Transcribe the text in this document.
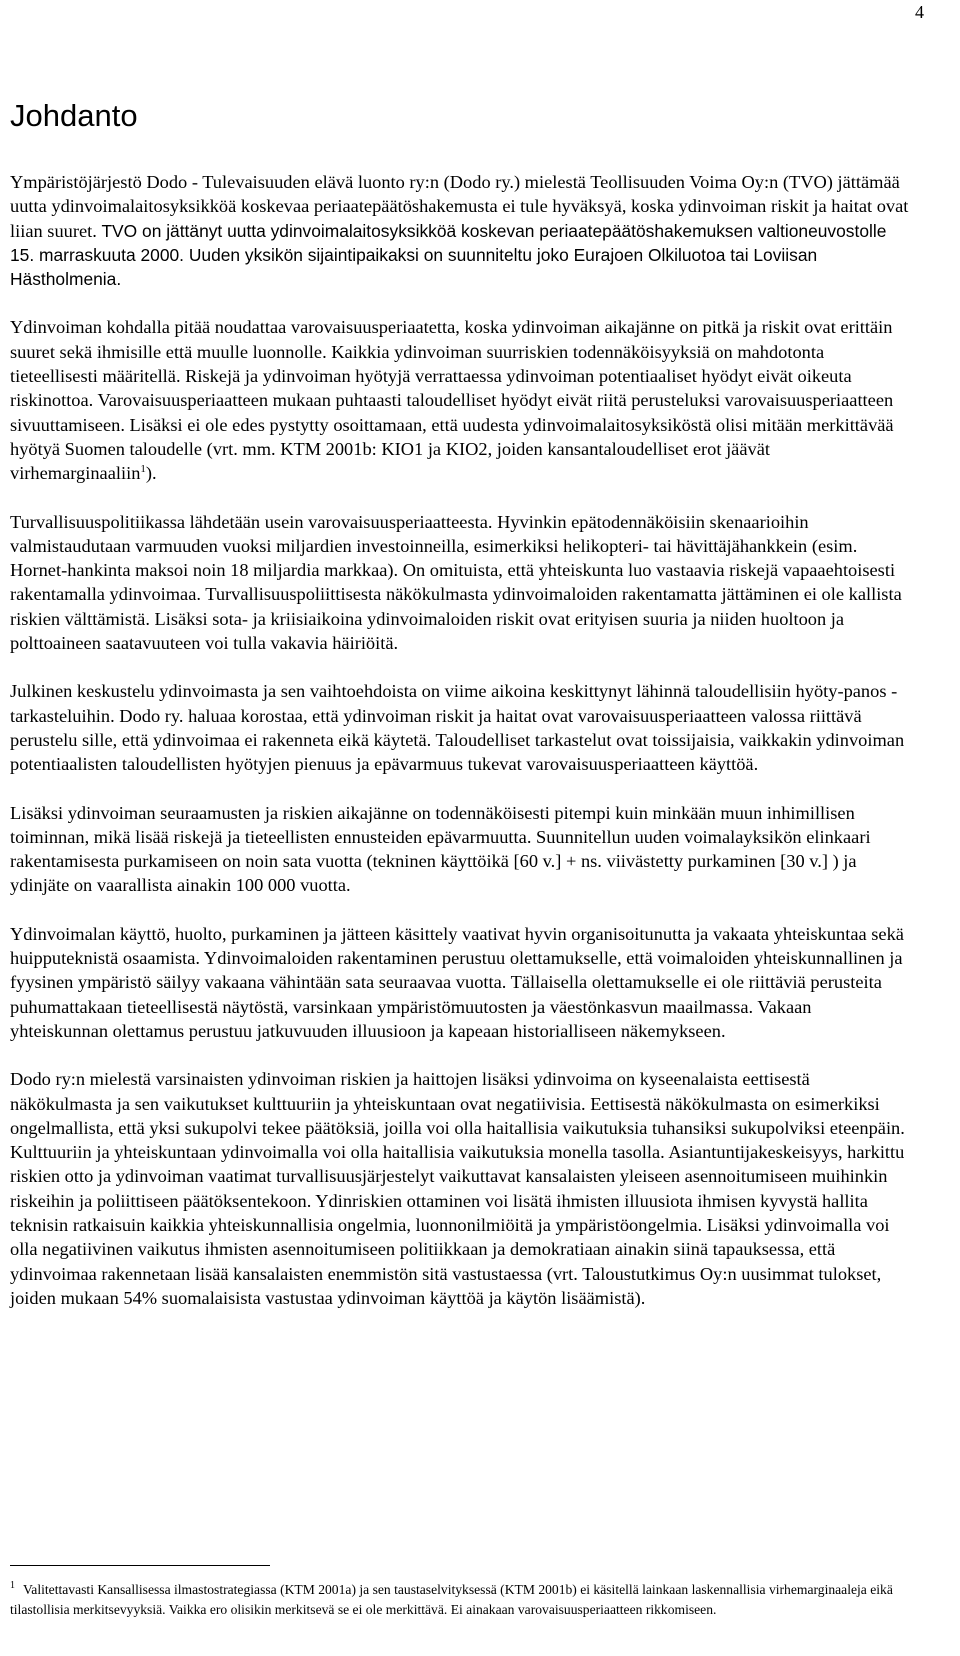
4
Johdanto

Ympäristöjärjestö Dodo - Tulevaisuuden elävä luonto ry:n (Dodo ry.) mielestä Teollisuuden Voima Oy:n (TVO) jättämää uutta ydinvoimalaitosyksikköä koskevaa periaatepäätöshakemusta ei tule hyväksyä, koska ydinvoiman riskit ja haitat ovat liian suuret. TVO on jättänyt uutta ydinvoimalaitosyksikköä koskevan periaatepäätöshakemuksen valtioneuvostolle 15. marraskuuta 2000. Uuden yksikön sijaintipaikaksi on suunniteltu joko Eurajoen Olkiluotoa tai Loviisan Hästholmenia.

Ydinvoiman kohdalla pitää noudattaa varovaisuusperiaatetta, koska ydinvoiman aikajänne on pitkä ja riskit ovat erittäin suuret sekä ihmisille että muulle luonnolle. Kaikkia ydinvoiman suurriskien todennäköisyyksiä on mahdotonta tieteellisesti määritellä. Riskejä ja ydinvoiman hyötyjä verrattaessa ydinvoiman potentiaaliset hyödyt eivät oikeuta riskinottoa. Varovaisuusperiaatteen mukaan puhtaasti taloudelliset hyödyt eivät riitä perusteluksi varovaisuusperiaatteen sivuuttamiseen. Lisäksi ei ole edes pystytty osoittamaan, että uudesta ydinvoimalaitosyksiköstä olisi mitään merkittävää hyötyä Suomen taloudelle (vrt. mm. KTM 2001b: KIO1 ja KIO2, joiden kansantaloudelliset erot jäävät virhemarginaaliin$^1$).

Turvallisuuspolitiikassa lähdetään usein varovaisuusperiaatteesta. Hyvinkin epätodennäköisiin skenaarioihin valmistaudutaan varmuuden vuoksi miljardien investoinneilla, esimerkiksi helikopteri- tai hävittäjähankkein (esim. Hornet-hankinta maksoi noin 18 miljardia markkaa). On omituista, että yhteiskunta luo vastaavia riskejä vapaaehtoisesti rakentamalla ydinvoimaa. Turvallisuuspoliittisesta näkökulmasta ydinvoimaloiden rakentamatta jättäminen ei ole kallista riskien välttämistä. Lisäksi sota- ja kriisiaikoina ydinvoimaloiden riskit ovat erityisen suuria ja niiden huoltoon ja polttoaineen saatavuuteen voi tulla vakavia häiriöitä.

Julkinen keskustelu ydinvoimasta ja sen vaihtoehdoista on viime aikoina keskittynyt lähinnä taloudellisiin hyöty-panos -tarkasteluihin. Dodo ry. haluaa korostaa, että ydinvoiman riskit ja haitat ovat varovaisuusperiaatteen valossa riittävä perustelu sille, että ydinvoimaa ei rakenneta eikä käytetä. Taloudelliset tarkastelut ovat toissijaisia, vaikkakin ydinvoiman potentiaalisten taloudellisten hyötyjen pienuus ja epävarmuus tukevat varovaisuusperiaatteen käyttöä.

Lisäksi ydinvoiman seuraamusten ja riskien aikajänne on todennäköisesti pitempi kuin minkään muun inhimillisen toiminnan, mikä lisää riskejä ja tieteellisten ennusteiden epävarmuutta. Suunnitellun uuden voimalayksikön elinkaari rakentamisesta purkamiseen on noin sata vuotta (tekninen käyttöikä [60 v.] + ns. viivästetty purkaminen [30 v.] ) ja ydinjäte on vaarallista ainakin 100 000 vuotta.

Ydinvoimalan käyttö, huolto, purkaminen ja jätteen käsittely vaativat hyvin organisoitunutta ja vakaata yhteiskuntaa sekä huipputeknistä osaamista. Ydinvoimaloiden rakentaminen perustuu olettamukselle, että voimaloiden yhteiskunnallinen ja fyysinen ympäristö säilyy vakaana vähintään sata seuraavaa vuotta. Tällaisella olettamukselle ei ole riittäviä perusteita puhumattakaan tieteellisestä näytöstä, varsinkaan ympäristömuutosten ja väestönkasvun maailmassa. Vakaan yhteiskunnan olettamus perustuu jatkuvuuden illuusioon ja kapeaan historialliseen näkemykseen.

Dodo ry:n mielestä varsinaisten ydinvoiman riskien ja haittojen lisäksi ydinvoima on kyseenalaista eettisestä näkökulmasta ja sen vaikutukset kulttuuriin ja yhteiskuntaan ovat negatiivisia. Eettisestä näkökulmasta on esimerkiksi ongelmallista, että yksi sukupolvi tekee päätöksiä, joilla voi olla haitallisia vaikutuksia tuhansiksi sukupolviksi eteenpäin. Kulttuuriin ja yhteiskuntaan ydinvoimalla voi olla haitallisia vaikutuksia monella tasolla. Asiantuntijakeskeisyys, harkittu riskien otto ja ydinvoiman vaatimat turvallisuusjärjestelyt vaikuttavat kansalaisten yleiseen asennoitumiseen muihinkin riskeihin ja poliittiseen päätöksentekoon. Ydinriskien ottaminen voi lisätä ihmisten illuusiota ihmisen kyvystä hallita teknisin ratkaisuin kaikkia yhteiskunnallisia ongelmia, luonnonilmiöitä ja ympäristöongelmia. Lisäksi ydinvoimalla voi olla negatiivinen vaikutus ihmisten asennoitumiseen politiikkaan ja demokratiaan ainakin siinä tapauksessa, että ydinvoimaa rakennetaan lisää kansalaisten enemmistön sitä vastustaessa (vrt. Taloustutkimus Oy:n uusimmat tulokset, joiden mukaan 54% suomalaisista vastustaa ydinvoiman käyttöä ja käytön lisäämistä).

$^1$ Valitettavasti Kansallisessa ilmastostrategiassa (KTM 2001a) ja sen taustaselvityksessä (KTM 2001b) ei käsitellä lainkaan laskennallisia virhemarginaaleja eikä tilastollisia merkitsevyyksiä. Vaikka ero olisikin merkitsevä se ei ole merkittävä. Ei ainakaan varovaisuusperiaatteen rikkomiseen.
